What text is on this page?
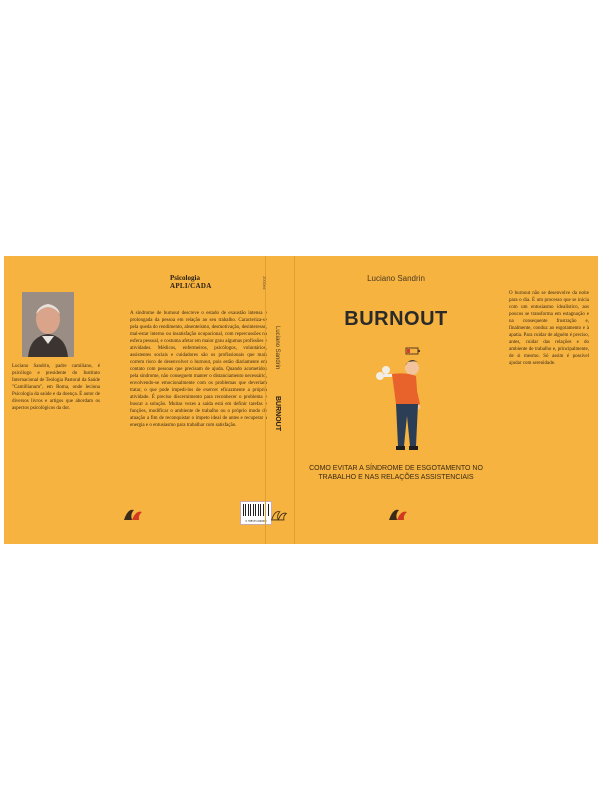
Luciano Sandrin, padre camiliano, é psicólogo e presidente do Instituto Internacional de Teologia Pastoral da Saúde "Camillianum", em Roma, onde leciona Psicologia da saúde e da doença. É autor de diversos livros e artigos que abordam os aspectos psicológicos da dor.
Psicologia
APLI/CADA
A síndrome de burnout descreve o estado de exaustão intensa e prolongada da pessoa em relação ao seu trabalho. Caracteriza-se pela queda do rendimento, absenteísmo, desmotivação, desinteresse, mal-estar interno ou insatisfação ocupacional, com repercussões na esfera pessoal, e costuma afetar em maior grau algumas profissões e atividades. Médicos, enfermeiros, psicólogos, voluntários, assistentes sociais e cuidadores são os profissionais que mais correm risco de desenvolver o burnout, pois estão diariamente em contato com pessoas que precisam de ajuda. Quando acometidos pela síndrome, não conseguem manter o distanciamento necessário, envolvendo-se emocionalmente com os problemas que deveriam tratar, o que pode impedi-los de exercer eficazmente a própria atividade. É preciso discernimento para reconhecer o problema e buscar a solução. Muitas vezes a saída está em definir tarefas e funções, modificar o ambiente de trabalho ou o próprio modo de atuação a fim de reconquistar o ímpeto ideal de antes e recuperar a energia e o entusiasmo para trabalhar com satisfação.
9 788535 600000
2000ed
Luciano Sandrin
BURNOUT
Luciano Sandrin
BURNOUT
COMO EVITAR A SÍNDROME DE ESGOTAMENTO NO TRABALHO E NAS RELAÇÕES ASSISTENCIAIS
O burnout não se desenvolve da noite para o dia. É um processo que se inicia com um entusiasmo idealístico, aos poucos se transforma em estagnação e na consequente frustração e, finalmente, conduz ao esgotamento e à apatia. Para cuidar de alguém é preciso, antes, cuidar das relações e do ambiente de trabalho e, principalmente, de si mesmo. Só assim é possível ajudar com serenidade.
